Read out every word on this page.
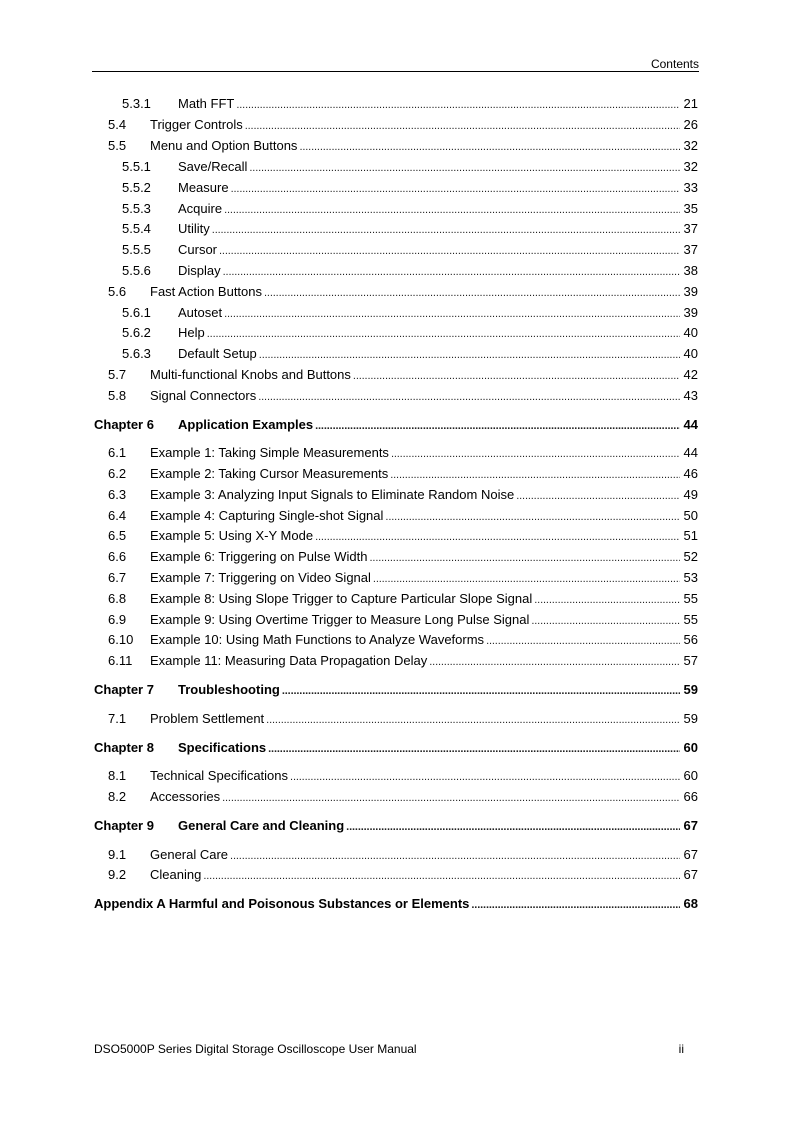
Contents
5.3.1	Math FFT . . .	21
5.4	Trigger Controls . . .	26
5.5	Menu and Option Buttons . . .	32
5.5.1	Save/Recall . . .	32
5.5.2	Measure . . .	33
5.5.3	Acquire . . .	35
5.5.4	Utility . . .	37
5.5.5	Cursor . . .	37
5.5.6	Display . . .	38
5.6	Fast Action Buttons . . .	39
5.6.1	Autoset . . .	39
5.6.2	Help . . .	40
5.6.3	Default Setup . . .	40
5.7	Multi-functional Knobs and Buttons . . .	42
5.8	Signal Connectors . . .	43
Chapter 6	Application Examples . . .	44
6.1	Example 1: Taking Simple Measurements . . .	44
6.2	Example 2: Taking Cursor Measurements . . .	46
6.3	Example 3: Analyzing Input Signals to Eliminate Random Noise . . .	49
6.4	Example 4: Capturing Single-shot Signal . . .	50
6.5	Example 5: Using X-Y Mode . . .	51
6.6	Example 6: Triggering on Pulse Width . . .	52
6.7	Example 7: Triggering on Video Signal . . .	53
6.8	Example 8: Using Slope Trigger to Capture Particular Slope Signal . . .	55
6.9	Example 9: Using Overtime Trigger to Measure Long Pulse Signal . . .	55
6.10	Example 10: Using Math Functions to Analyze Waveforms . . .	56
6.11	Example 11: Measuring Data Propagation Delay . . .	57
Chapter 7	Troubleshooting . . .	59
7.1	Problem Settlement . . .	59
Chapter 8	Specifications . . .	60
8.1	Technical Specifications . . .	60
8.2	Accessories . . .	66
Chapter 9	General Care and Cleaning . . .	67
9.1	General Care . . .	67
9.2	Cleaning . . .	67
Appendix A Harmful and Poisonous Substances or Elements . . .	68
DSO5000P Series Digital Storage Oscilloscope User Manual	ii
